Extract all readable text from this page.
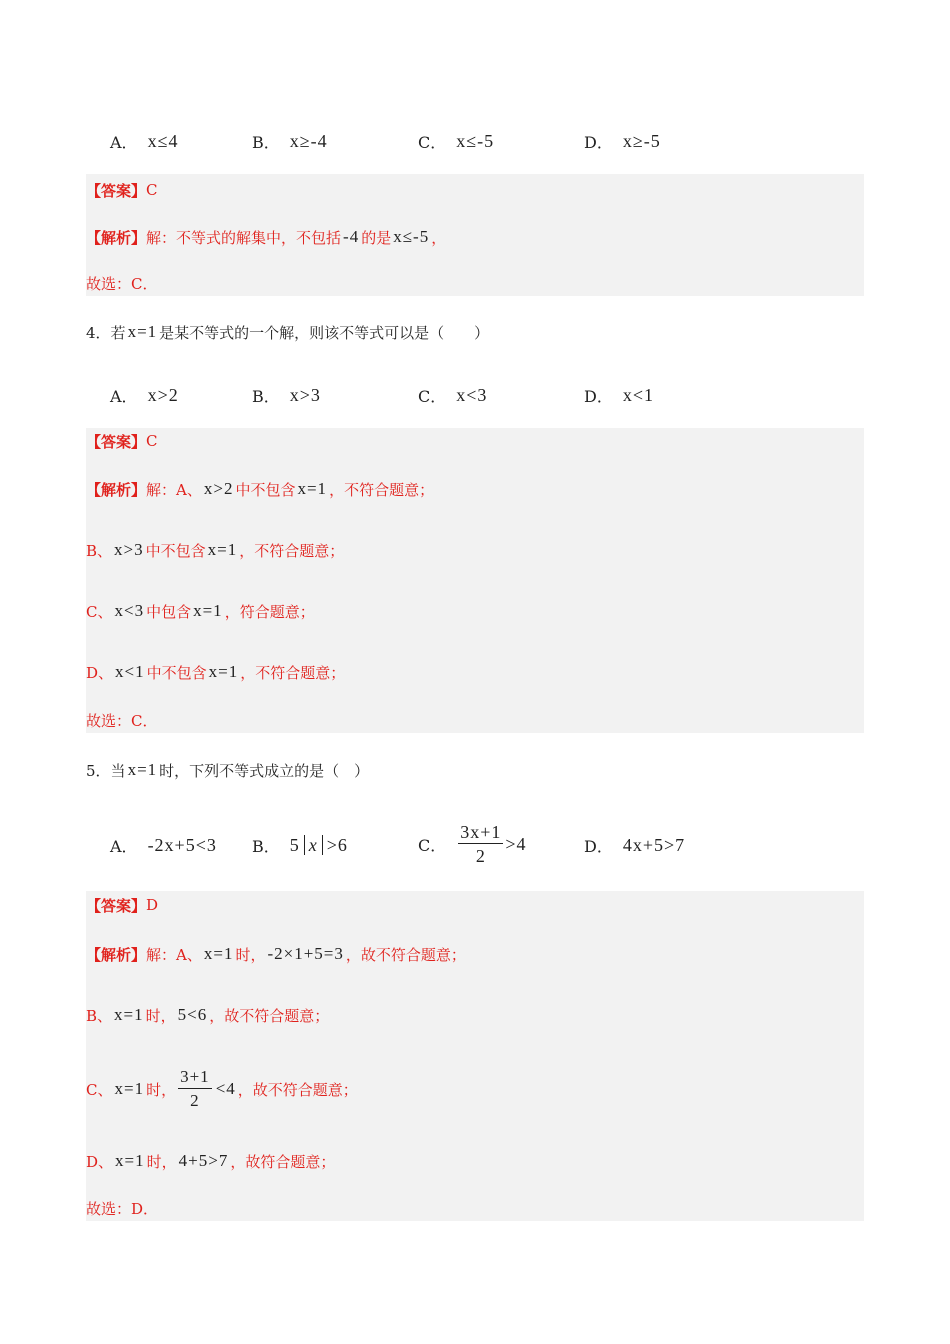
A． x≤4	B． x≥-4	C． x≤-5	D． x≥-5
【答案】 C
【解析】 解：不等式的解集中，不包括 -4 的是 x≤-5 ，
故选：C．
4． 若 x=1 是某不等式的一个解，则该不等式可以是（　　）
A． x>2	B． x>3	C． x<3	D． x<1
【答案】 C
【解析】 解：A、 x>2 中不包含 x=1 ，不符合题意；
B、 x>3 中不包含 x=1 ，不符合题意；
C、 x<3 中包含 x=1 ，符合题意；
D、 x<1 中不包含 x=1 ，不符合题意；
故选：C．
5． 当 x=1 时，下列不等式成立的是（　）
A． -2x+5<3 B． 5 x >6	C． $\frac{3x+1}{2} >4$	D． 4x+5>7
【答案】 D
【解析】 解：A、 x=1 时， -2×1+5=3 ，故不符合题意；
B、 x=1 时， 5<6 ，故不符合题意；
C、 x=1 时， $\frac{3+1}{2} <4$ ，故不符合题意；
D、 x=1 时， 4+5>7 ，故符合题意；
故选：D．
